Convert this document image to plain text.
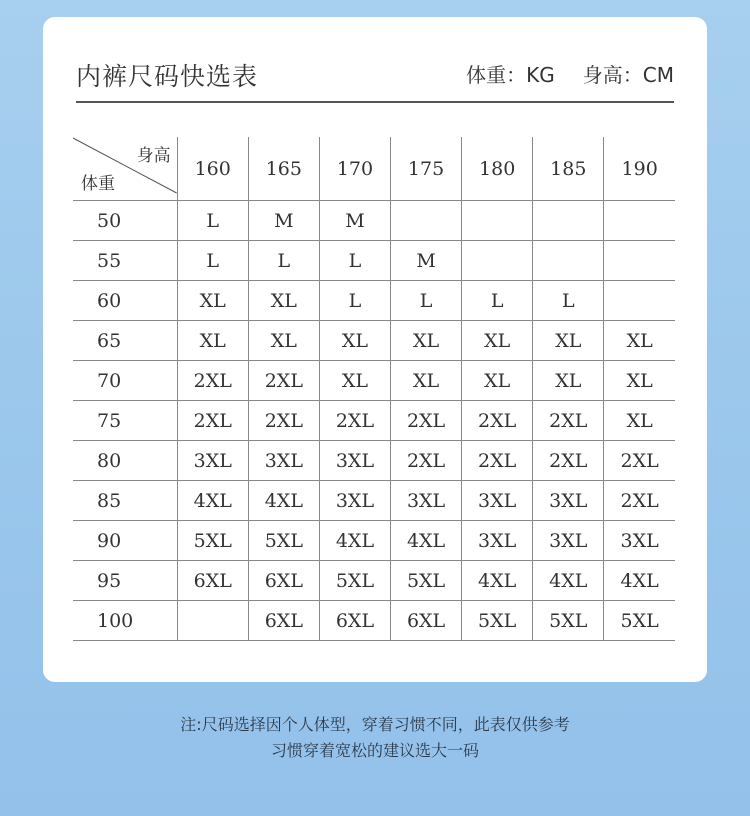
内裤尺码快选表	体重：KG 身高：CM
身高
体重	160	165	170	175	180	185	190
50	L	M	M				
55	L	L	L	M			
60	XL	XL	L	L	L	L	
65	XL	XL	XL	XL	XL	XL	XL
70	2XL	2XL	XL	XL	XL	XL	XL
75	2XL	2XL	2XL	2XL	2XL	2XL	XL
80	3XL	3XL	3XL	2XL	2XL	2XL	2XL
85	4XL	4XL	3XL	3XL	3XL	3XL	2XL
90	5XL	5XL	4XL	4XL	3XL	3XL	3XL
95	6XL	6XL	5XL	5XL	4XL	4XL	4XL
100		6XL	6XL	6XL	5XL	5XL	5XL
注:尺码选择因个人体型，穿着习惯不同，此表仅供参考
习惯穿着宽松的建议选大一码
